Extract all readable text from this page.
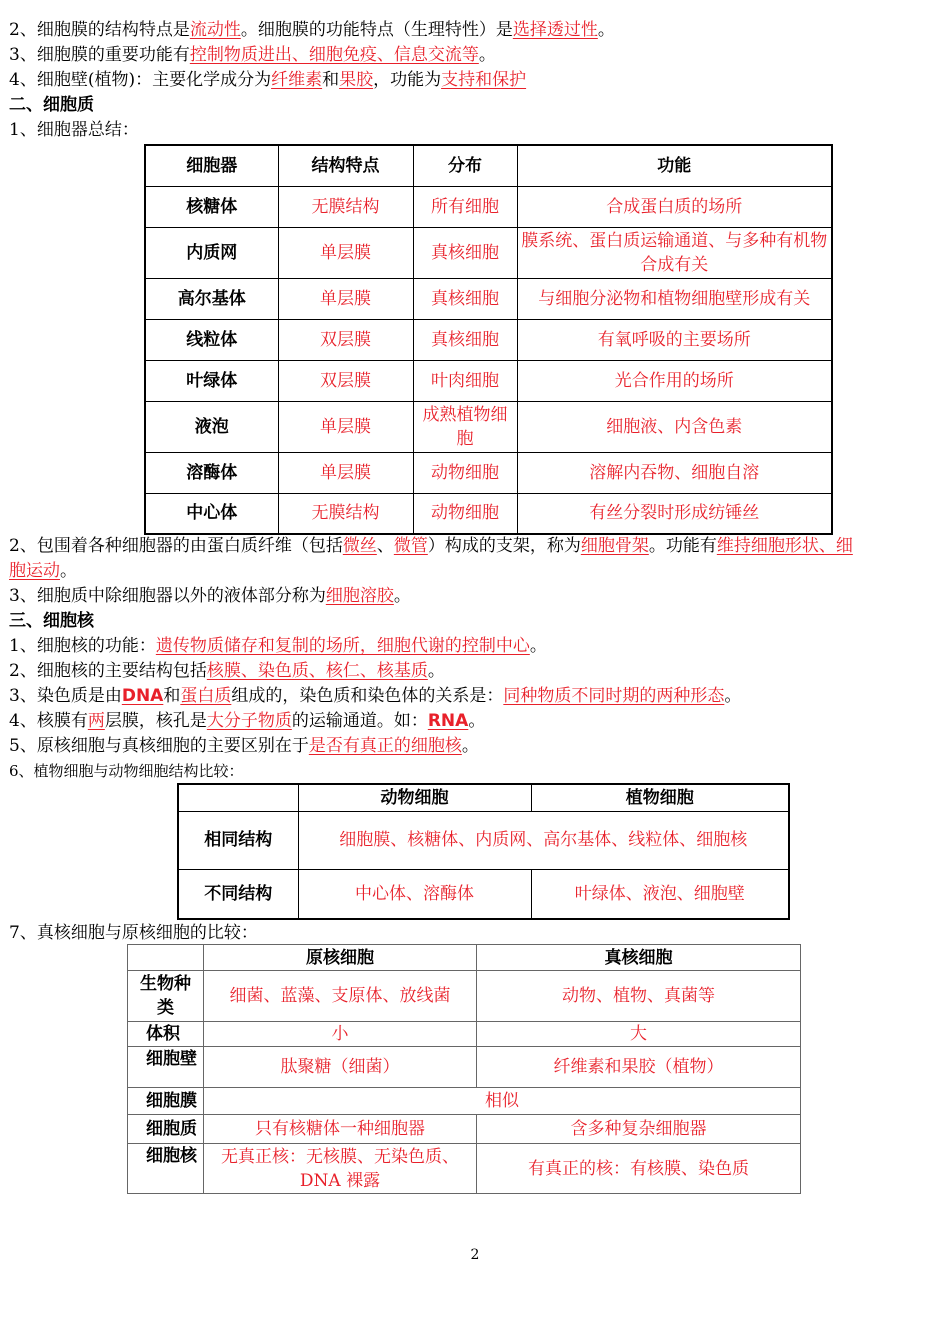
2、细胞膜的结构特点是流动性。细胞膜的功能特点（生理特性）是选择透过性。
3、细胞膜的重要功能有控制物质进出、细胞免疫、信息交流等。
4、细胞壁(植物)：主要化学成分为纤维素和果胶，功能为支持和保护
二、细胞质
1、细胞器总结：
细胞器	结构特点	分布	功能
核糖体	无膜结构	所有细胞	合成蛋白质的场所
内质网	单层膜	真核细胞	膜系统、蛋白质运输通道、与多种有机物合成有关
高尔基体	单层膜	真核细胞	与细胞分泌物和植物细胞壁形成有关
线粒体	双层膜	真核细胞	有氧呼吸的主要场所
叶绿体	双层膜	叶肉细胞	光合作用的场所
液泡	单层膜	成熟植物细胞	细胞液、内含色素
溶酶体	单层膜	动物细胞	溶解内吞物、细胞自溶
中心体	无膜结构	动物细胞	有丝分裂时形成纺锤丝
2、包围着各种细胞器的由蛋白质纤维（包括微丝、微管）构成的支架，称为细胞骨架。功能有维持细胞形状、细
胞运动。
3、细胞质中除细胞器以外的液体部分称为细胞溶胶。
三、细胞核
1、细胞核的功能：遗传物质储存和复制的场所，细胞代谢的控制中心。
2、细胞核的主要结构包括核膜、染色质、核仁、核基质。
3、染色质是由DNA和蛋白质组成的，染色质和染色体的关系是：同种物质不同时期的两种形态。
4、核膜有两层膜，核孔是大分子物质的运输通道。如：RNA。
5、原核细胞与真核细胞的主要区别在于是否有真正的细胞核。
6、植物细胞与动物细胞结构比较：
	动物细胞	植物细胞
相同结构	细胞膜、核糖体、内质网、高尔基体、线粒体、细胞核	
不同结构	中心体、溶酶体	叶绿体、液泡、细胞壁
7、真核细胞与原核细胞的比较：
	原核细胞	真核细胞
生物种类	细菌、蓝藻、支原体、放线菌	动物、植物、真菌等
体积	小	大
细胞壁	肽聚糖（细菌）	纤维素和果胶（植物）
细胞膜	相似	
细胞质	只有核糖体一种细胞器	含多种复杂细胞器
细胞核	无真正核：无核膜、无染色质、DNA 裸露	有真正的核：有核膜、染色质
2
